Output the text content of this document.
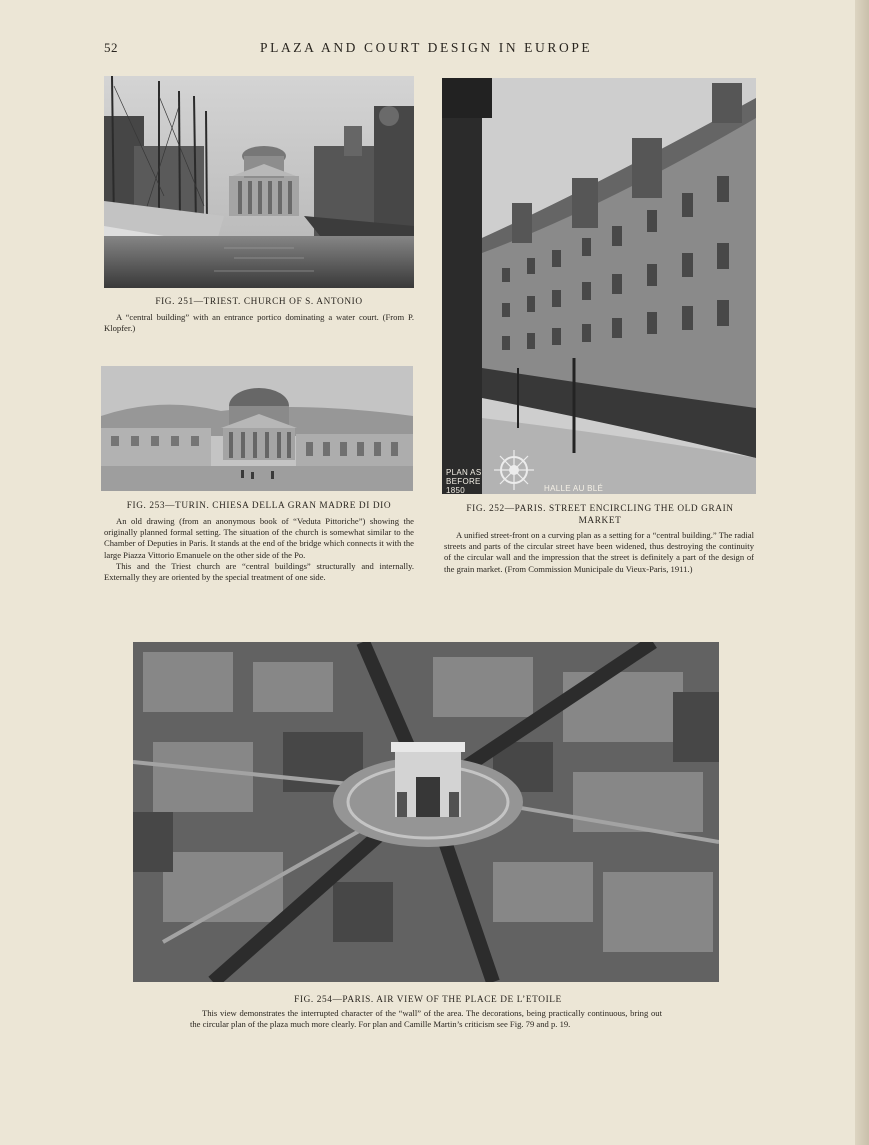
52	PLAZA AND COURT DESIGN IN EUROPE
FIG. 251—TRIEST. CHURCH OF S. ANTONIO
A “central building” with an entrance portico dominating a water court. (From P. Klopfer.)
FIG. 253—TURIN. CHIESA DELLA GRAN MADRE DI DIO

An old drawing (from an anonymous book of “Veduta Pittoriche”) showing the originally planned formal setting. The situation of the church is somewhat similar to the Chamber of Deputies in Paris. It stands at the end of the bridge which connects it with the large Piazza Vittorio Emanuele on the other side of the Po.

This and the Triest church are “central buildings” structurally and internally. Externally they are oriented by the special treatment of one side.

PLAN AS BEFORE 1850	HALLE AU BLÉ
FIG. 252—PARIS. STREET ENCIRCLING THE OLD GRAIN MARKET
A unified street-front on a curving plan as a setting for a “central building.” The radial streets and parts of the circular street have been widened, thus destroying the continuity of the circular wall and the impression that the street is definitely a part of the design of the grain market. (From Commission Municipale du Vieux-Paris, 1911.)
FIG. 254—PARIS. AIR VIEW OF THE PLACE DE L’ETOILE
This view demonstrates the interrupted character of the “wall” of the area. The decorations, being practically continuous, bring out the circular plan of the plaza much more clearly. For plan and Camille Martin’s criticism see Fig. 79 and p. 19.
